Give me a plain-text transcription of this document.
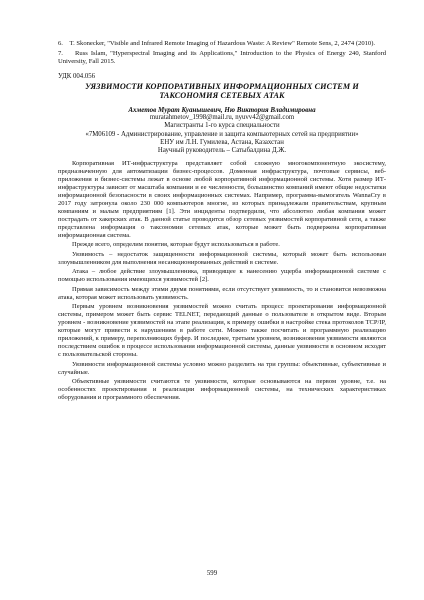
6.    T. Skonecker, "Visible and Infrared Remote Imaging of Hazardous Waste: A Review" Remote Sens, 2, 2474 (2010).

7.    Russ Islam, "Hyperspectral Imaging and its Applications," Introduction to the Physics of Energy 240, Stanford University, Fall 2015.

УДК 004.056
УЯЗВИМОСТИ КОРПОРАТИВНЫХ ИНФОРМАЦИОННЫХ СИСТЕМ И
ТАКСОНОМИЯ СЕТЕВЫХ АТАК
Ахметов Мурат Куанышевич, Ню Виктория Владимировна
muratahmetov_1998@mail.ru, nyuvv42@gmail.com
Магистранты 1-го курса специальности
«7М06109 - Администрирование, управление и защита компьютерных сетей на предприятии»
ЕНУ им Л.Н. Гумилева, Астана, Казахстан
Научный руководитель – Сатыбалдина Д.Ж.

Корпоративная ИТ-инфраструктура представляет собой сложную многокомпонентную экосистему, предназначенную для автоматизации бизнес-процессов. Доменная инфраструктура, почтовые сервисы, веб-приложения и бизнес-системы лежат в основе любой корпоративной информационной системы. Хотя размер ИТ-инфраструктуры зависит от масштаба компании и ее численности, большинство компаний имеют общие недостатки информационной безопасности в своих информационных системах. Например, программа-вымогатель WannaCry в 2017 году затронула около 230 000 компьютеров многие, из которых принадлежали правительствам, крупным компаниям и малым предприятиям [1]. Эти инциденты подтвердили, что абсолютно любая компания может пострадать от хакерских атак. В данной статье проводится обзор сетевых уязвимостей корпоративной сети, а также представлена информация о таксономии сетевых атак, которые может быть подвержена корпоративная информационная система.

Прежде всего, определим понятия, которые будут использоваться в работе.

Уязвимость – недостаток защищенности информационной системы, который может быть использован злоумышленником для выполнения несанкционированных действий в системе.

Атака – любое действие злоумышленника, приводящее к нанесению ущерба информационной системе с помощью использования имеющихся уязвимостей [2].

Прямая зависимость между этими двумя понятиями, если отсутствует уязвимость, то и становится невозможна атака, которая может использовать уязвимость.

Первым уровнем возникновения уязвимостей можно считать процесс проектирования информационной системы, примером может быть сервис TELNET, передающий данные о пользователе в открытом виде. Вторым уровнем - возникновение уязвимостей на этапе реализации, к примеру ошибки в настройке стека протоколов TCP/IP, которые могут привести к нарушениям в работе сети. Можно также посчитать и программную реализацию приложений, к примеру, переполняющих буфер. И последнее, третьим уровнем, возникновения уязвимости являются последствием ошибок в процессе использования информационной системы, данные уязвимости в основном исходят с пользовательской стороны.

Уязвимости информационной системы условно можно разделить на три группы: объективные, субъективные и случайные.

Объективные уязвимости считаются те уязвимости, которые основываются на первом уровне, т.е. на особенностях проектирования и реализации информационной системы, на технических характеристиках оборудования и программного обеспечения.

599
